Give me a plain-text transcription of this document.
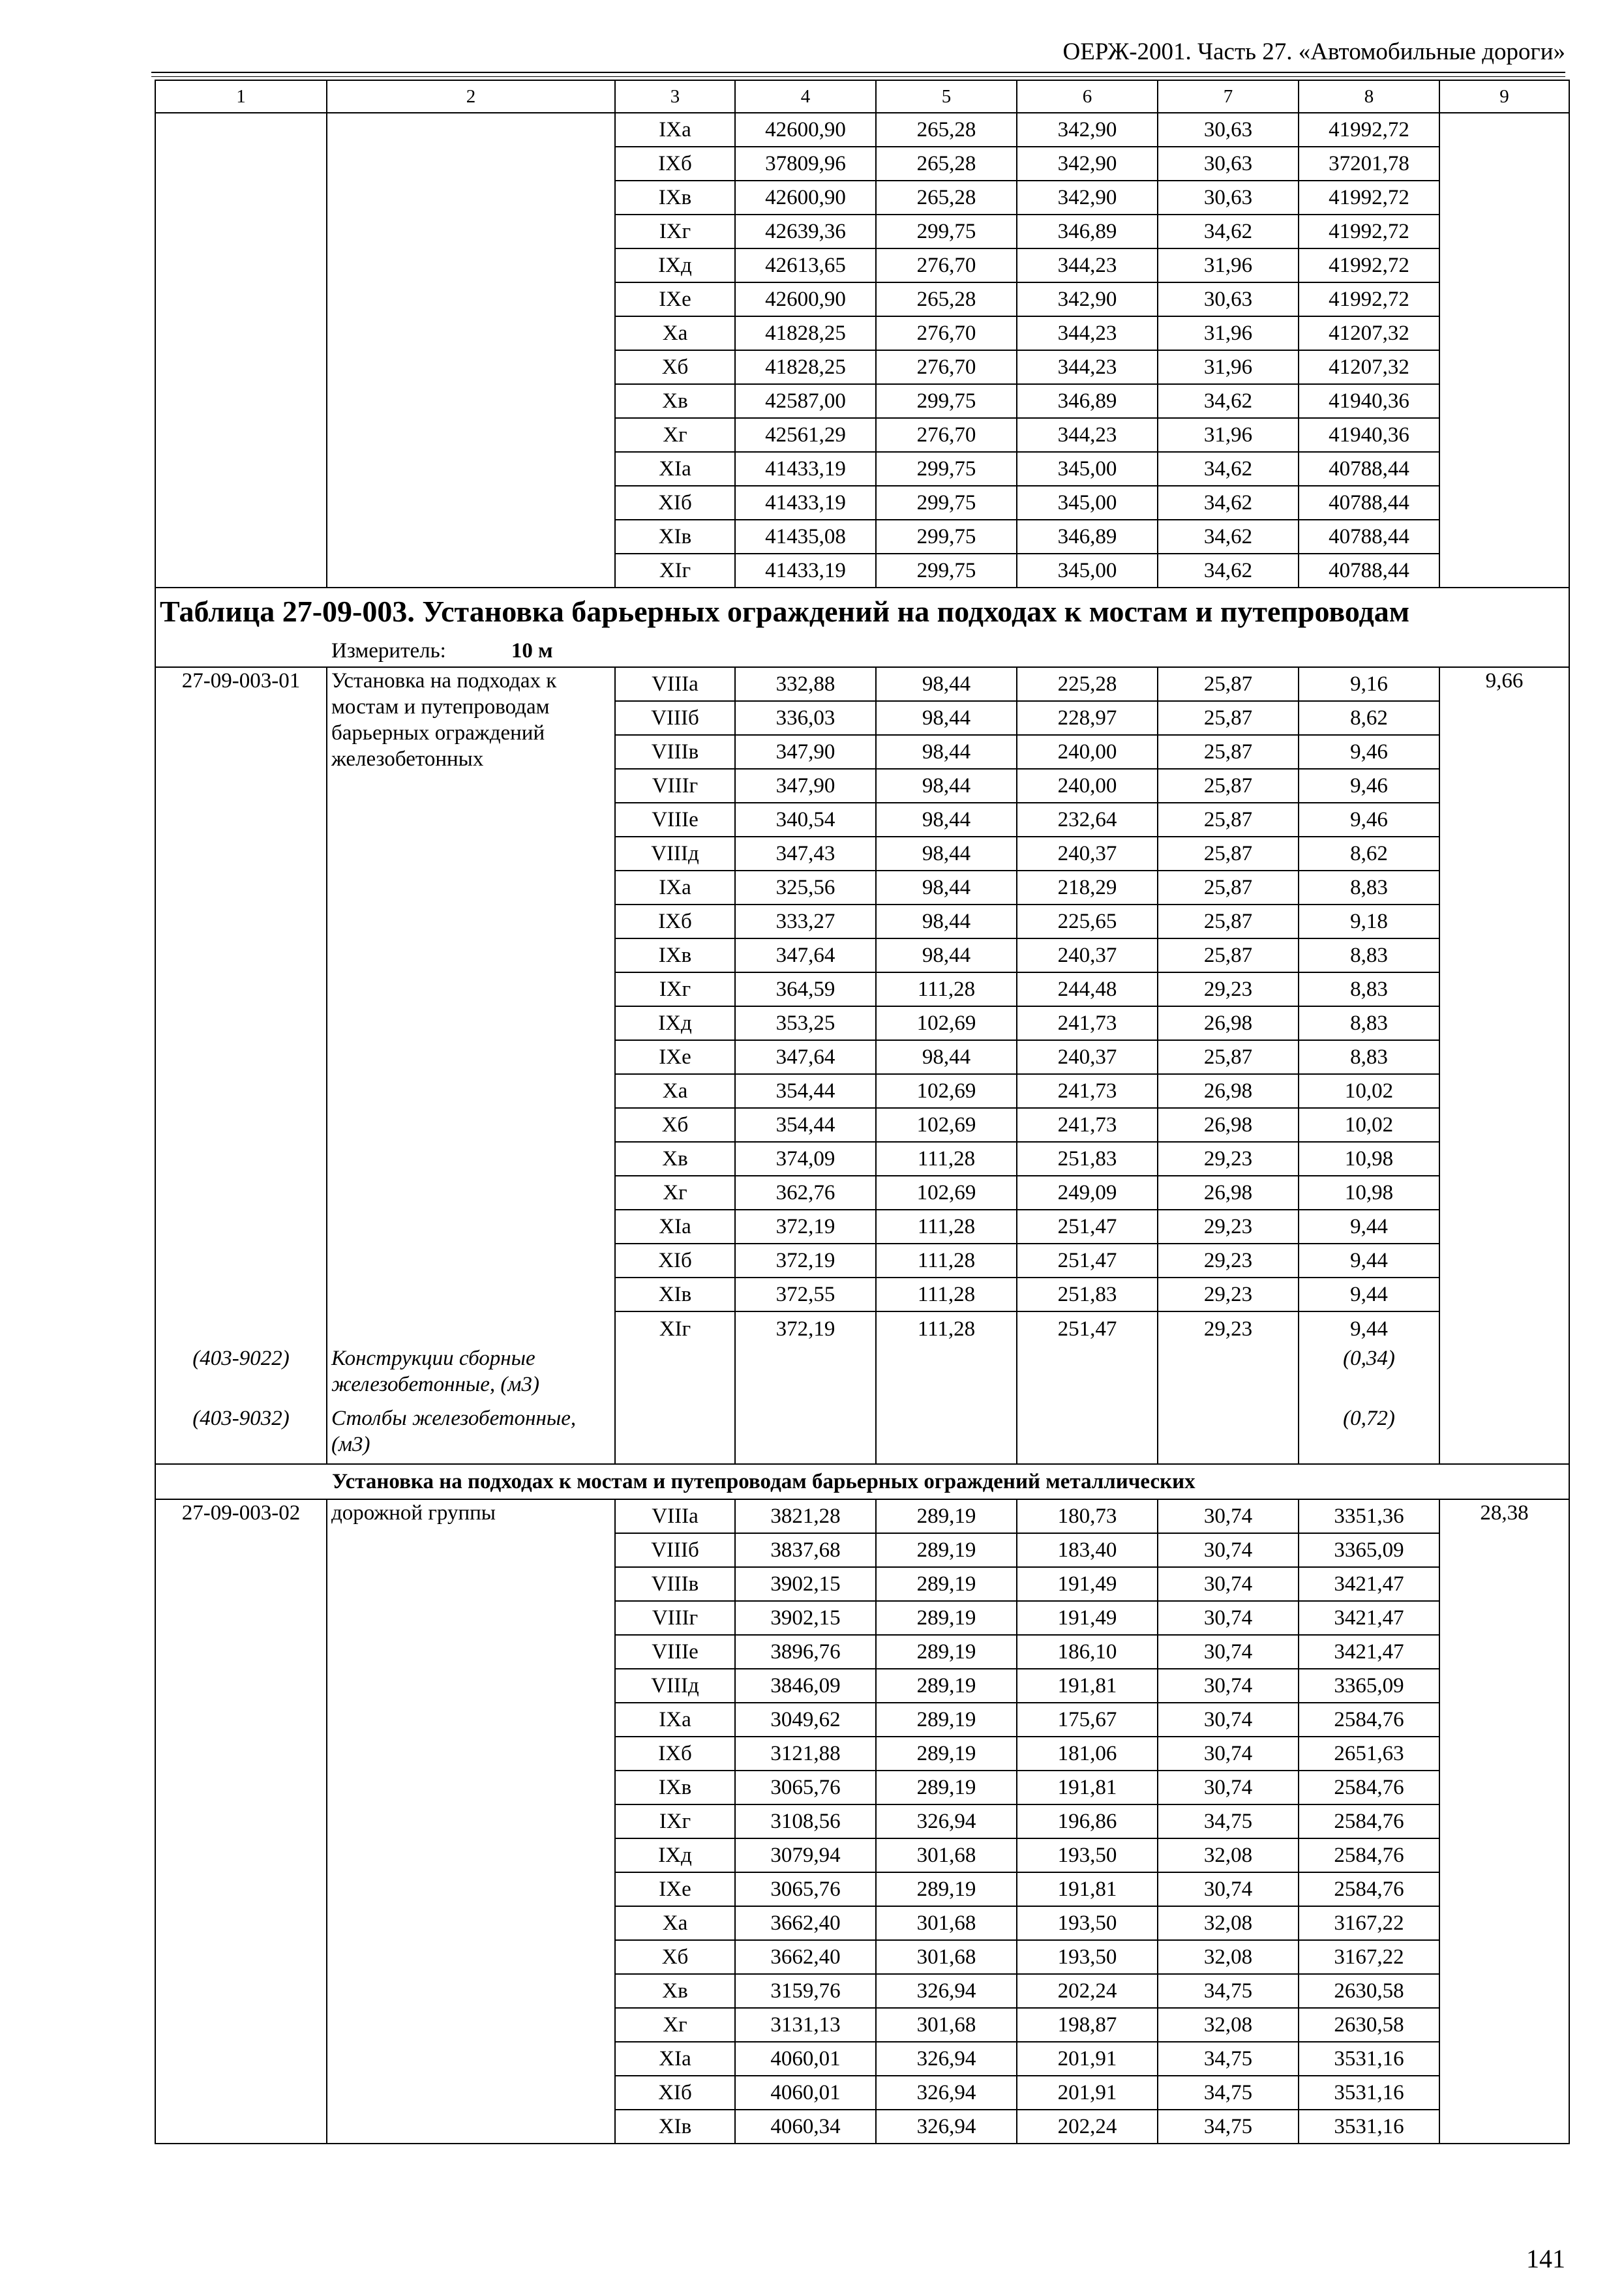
ОЕРЖ-2001. Часть 27. «Автомобильные дороги»
1	2	3	4	5	6	7	8	9
		IXа	42600,90	265,28	342,90	30,63	41992,72	
		IXб	37809,96	265,28	342,90	30,63	37201,78	
		IXв	42600,90	265,28	342,90	30,63	41992,72	
		IXг	42639,36	299,75	346,89	34,62	41992,72	
		IXд	42613,65	276,70	344,23	31,96	41992,72	
		IXе	42600,90	265,28	342,90	30,63	41992,72	
		Xа	41828,25	276,70	344,23	31,96	41207,32	
		Xб	41828,25	276,70	344,23	31,96	41207,32	
		Xв	42587,00	299,75	346,89	34,62	41940,36	
		Xг	42561,29	276,70	344,23	31,96	41940,36	
		XIа	41433,19	299,75	345,00	34,62	40788,44	
		XIб	41433,19	299,75	345,00	34,62	40788,44	
		XIв	41435,08	299,75	346,89	34,62	40788,44	
		XIг	41433,19	299,75	345,00	34,62	40788,44	
Таблица 27-09-003. Установка барьерных ограждений на подходах к мостам и путепроводам								
Измеритель: 10 м								
27-09-003-01	Установка на подходах к мостам и путепроводам барьерных ограждений железобетонных	VIIIа	332,88	98,44	225,28	25,87	9,16	9,66
		VIIIб	336,03	98,44	228,97	25,87	8,62	
		VIIIв	347,90	98,44	240,00	25,87	9,46	
		VIIIг	347,90	98,44	240,00	25,87	9,46	
		VIIIе	340,54	98,44	232,64	25,87	9,46	
		VIIIд	347,43	98,44	240,37	25,87	8,62	
		IXа	325,56	98,44	218,29	25,87	8,83	
		IXб	333,27	98,44	225,65	25,87	9,18	
		IXв	347,64	98,44	240,37	25,87	8,83	
		IXг	364,59	111,28	244,48	29,23	8,83	
		IXд	353,25	102,69	241,73	26,98	8,83	
		IXе	347,64	98,44	240,37	25,87	8,83	
		Xа	354,44	102,69	241,73	26,98	10,02	
		Xб	354,44	102,69	241,73	26,98	10,02	
		Xв	374,09	111,28	251,83	29,23	10,98	
		Xг	362,76	102,69	249,09	26,98	10,98	
		XIа	372,19	111,28	251,47	29,23	9,44	
		XIб	372,19	111,28	251,47	29,23	9,44	
		XIв	372,55	111,28	251,83	29,23	9,44	
		XIг	372,19	111,28	251,47	29,23	9,44	
(403-9022)	Конструкции сборные железобетонные, (м3)						(0,34)	
(403-9032)	Столбы железобетонные, (м3)						(0,72)	
Установка на подходах к мостам и путепроводам барьерных ограждений металлических								
27-09-003-02	дорожной группы	VIIIа	3821,28	289,19	180,73	30,74	3351,36	28,38
		VIIIб	3837,68	289,19	183,40	30,74	3365,09	
		VIIIв	3902,15	289,19	191,49	30,74	3421,47	
		VIIIг	3902,15	289,19	191,49	30,74	3421,47	
		VIIIе	3896,76	289,19	186,10	30,74	3421,47	
		VIIIд	3846,09	289,19	191,81	30,74	3365,09	
		IXа	3049,62	289,19	175,67	30,74	2584,76	
		IXб	3121,88	289,19	181,06	30,74	2651,63	
		IXв	3065,76	289,19	191,81	30,74	2584,76	
		IXг	3108,56	326,94	196,86	34,75	2584,76	
		IXд	3079,94	301,68	193,50	32,08	2584,76	
		IXе	3065,76	289,19	191,81	30,74	2584,76	
		Xа	3662,40	301,68	193,50	32,08	3167,22	
		Xб	3662,40	301,68	193,50	32,08	3167,22	
		Xв	3159,76	326,94	202,24	34,75	2630,58	
		Xг	3131,13	301,68	198,87	32,08	2630,58	
		XIа	4060,01	326,94	201,91	34,75	3531,16	
		XIб	4060,01	326,94	201,91	34,75	3531,16	
		XIв	4060,34	326,94	202,24	34,75	3531,16	
141
